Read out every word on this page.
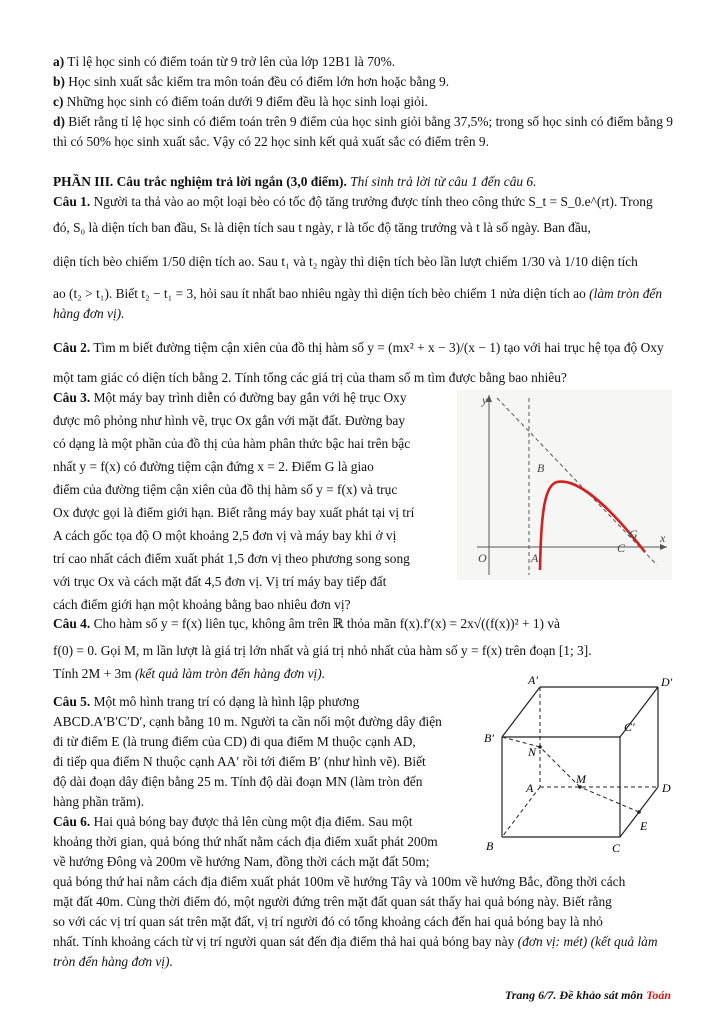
a) Tỉ lệ học sinh có điểm toán từ 9 trở lên của lớp 12B1 là 70%.

b) Học sinh xuất sắc kiểm tra môn toán đều có điểm lớn hơn hoặc bằng 9.

c) Những học sinh có điểm toán dưới 9 điểm đều là học sinh loại giỏi.

d) Biết rằng tỉ lệ học sinh có điểm toán trên 9 điểm của học sinh giỏi bằng 37,5%; trong số học sinh có điểm bằng 9 thì có 50% học sinh xuất sắc. Vậy có 22 học sinh kết quả xuất sắc có điểm trên 9.

PHẦN III. Câu trắc nghiệm trả lời ngắn (3,0 điểm). Thí sinh trả lời từ câu 1 đến câu 6.

Câu 1. Người ta thả vào ao một loại bèo có tốc độ tăng trưởng được tính theo công thức S_t = S_0.e^(rt). Trong

đó, S₀ là diện tích ban đầu, Sₜ là diện tích sau t ngày, r là tốc độ tăng trưởng và t là số ngày. Ban đầu,

diện tích bèo chiếm 1/50 diện tích ao. Sau t₁ và t₂ ngày thì diện tích bèo lần lượt chiếm 1/30 và 1/10 diện tích

ao (t₂ > t₁). Biết t₂ − t₁ = 3, hỏi sau ít nhất bao nhiêu ngày thì diện tích bèo chiếm 1 nửa diện tích ao (làm tròn đến hàng đơn vị).

Câu 2. Tìm m biết đường tiệm cận xiên của đồ thị hàm số y = (mx² + x − 3)/(x − 1) tạo với hai trục hệ tọa độ Oxy

một tam giác có diện tích bằng 2. Tính tổng các giá trị của tham số m tìm được bằng bao nhiêu?

Câu 3. Một máy bay trình diễn có đường bay gắn với hệ trục Oxy

được mô phỏng như hình vẽ, trục Ox gắn với mặt đất. Đường bay

có dạng là một phần của đồ thị của hàm phân thức bậc hai trên bậc

nhất y = f(x) có đường tiệm cận đứng x = 2. Điểm G là giao

điểm của đường tiệm cận xiên của đồ thị hàm số y = f(x) và trục

Ox được gọi là điểm giới hạn. Biết rằng máy bay xuất phát tại vị trí

A cách gốc tọa độ O một khoảng 2,5 đơn vị và máy bay khi ở vị

trí cao nhất cách điểm xuất phát 1,5 đơn vị theo phương song song

với trục Ox và cách mặt đất 4,5 đơn vị. Vị trí máy bay tiếp đất

cách điểm giới hạn một khoảng bằng bao nhiêu đơn vị?

O
y
x
A
B
C
G

Câu 4. Cho hàm số y = f(x) liên tục, không âm trên ℝ thỏa mãn f(x).f′(x) = 2x√((f(x))² + 1) và

f(0) = 0. Gọi M, m lần lượt là giá trị lớn nhất và giá trị nhỏ nhất của hàm số y = f(x) trên đoạn [1; 3].

Tính 2M + 3m (kết quả làm tròn đến hàng đơn vị).

Câu 5. Một mô hình trang trí có dạng là hình lập phương

ABCD.A′B′C′D′, cạnh bằng 10 m. Người ta cần nối một đường dây điện

đi từ điểm E (là trung điểm của CD) đi qua điểm M thuộc cạnh AD,

đi tiếp qua điểm N thuộc cạnh AA′ rồi tới điểm B′ (như hình vẽ). Biết

độ dài đoạn dây điện bằng 25 m. Tính độ dài đoạn MN (làm tròn đến

hàng phần trăm).

A′	D′
B′
C′
A
M
N
D
B	C
E

Câu 6. Hai quả bóng bay được thả lên cùng một địa điểm. Sau một

khoảng thời gian, quả bóng thứ nhất nằm cách địa điểm xuất phát 200m

về hướng Đông và 200m về hướng Nam, đồng thời cách mặt đất 50m;

quả bóng thứ hai nằm cách địa điểm xuất phát 100m về hướng Tây và 100m về hướng Bắc, đồng thời cách

mặt đất 40m. Cùng thời điểm đó, một người đứng trên mặt đất quan sát thấy hai quả bóng này. Biết rằng

so với các vị trí quan sát trên mặt đất, vị trí người đó có tổng khoảng cách đến hai quả bóng bay là nhỏ

nhất. Tính khoảng cách từ vị trí người quan sát đến địa điểm thả hai quả bóng bay này (đơn vị: mét) (kết quả làm tròn đến hàng đơn vị).

Trang 6/7. Đề khảo sát môn Toán
